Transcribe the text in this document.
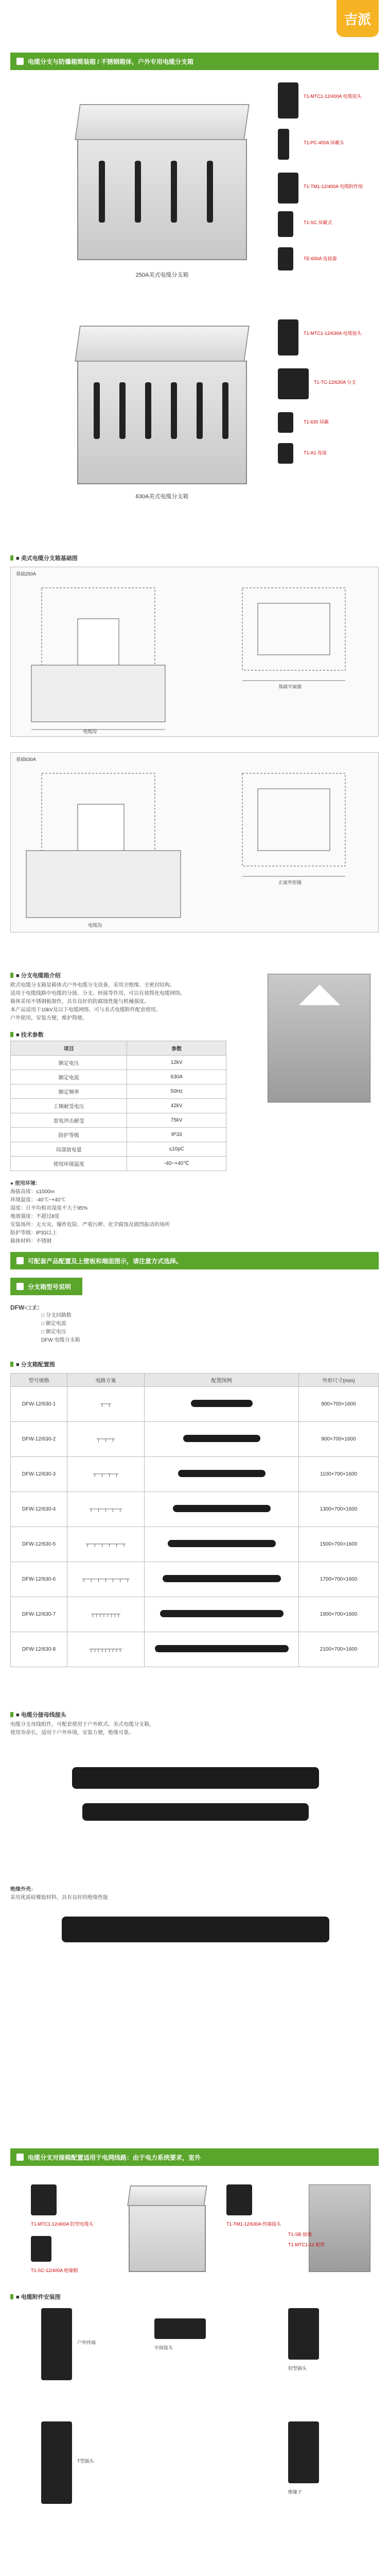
吉派
电缆分支与防爆箱简装箱 / 不锈钢箱体，户外专用电缆分支箱
250A美式电缆分支箱
T1-MTC1-12/400A 电缆接头
T1-PC-400A 屏蔽头
T1-TM1-12/400A 电缆附件组
T1-SC 屏蔽式
TE-600A 连接器
630A美式电缆分支箱
T1-MTC1-12/630A 电缆接头
T1-TC-12/630A 分支
T1-630 屏蔽
T1-A1 连接
■ 美式电缆分支箱基础图
基础250A
电缆沟
基础平面图
基础630A
电缆沟
正面外形图
■ 分支电缆箱介绍
欧式电缆分支箱是箱体式户外电缆分支设备，采用全绝缘、全密封结构。
适用于电缆线路中电缆的分接、分支、转接等作用，可以有效简化电缆网络。
箱体采用不锈钢板制作，具有良好的防腐蚀性能与机械强度。
本产品适用于10kV及以下电缆网络，可与美式电缆附件配套使用。
户外使用，安装方便，维护简便。
■ 技术参数
项目	参数
额定电压	12kV
额定电流	630A
额定频率	50Hz
工频耐受电压	42kV
雷电冲击耐受	75kV
防护等级	IP33
局部放电量	≤10pC
使用环境温度	-40~+40℃
● 使用环境：
海拔高度：≤1000m
环境温度：-40℃~+40℃
湿度：日平均相对湿度不大于95%
地震强度：不超过8度
安装场所：无火灾、爆炸危险、严重污秽、化学腐蚀及剧烈振动的场所
防护等级：IP33以上
箱体材料：不锈钢
可配套产品配置及上壁板和端面图示，请注意方式选择。
分支箱型号说明
DFW-□□/□
□ 分支回路数
□ 额定电流
□ 额定电压
DFW 电缆分支箱
■ 分支箱配置图
型号规格	电路方案	配置图例	外形尺寸(mm)
DFW-12/630-1	┬─┬		900×700×1600
DFW-12/630-2	┬─┬─┬		900×700×1600
DFW-12/630-3	┬─┬─┬─┬		1100×700×1600
DFW-12/630-4	┬─┬─┬─┬─┬		1300×700×1600
DFW-12/630-5	┬─┬─┬─┬─┬─┬		1500×700×1600
DFW-12/630-6	┬─┬─┬─┬─┬─┬─┬		1700×700×1600
DFW-12/630-7	┬┬┬┬┬┬┬┬		1900×700×1600
DFW-12/630-8	┬┬┬┬┬┬┬┬┬		2100×700×1600
■ 电缆分接母线接头
电缆分支母线组件，可配套使用于户外欧式、美式电缆分支箱，
使用寿命长，适用于户外环境，安装方便，绝缘可靠。
绝缘外壳：
采用优质硅橡胶材料，具有良好的绝缘性能
电缆分支对接箱配置适用于电网线路：由于电力系统要求，室外
T1-MTC1-12/400A 肘型电缆头
T1-SC-12/400A 绝缘帽
T1-TM1-12/630A 终端接头
T1-SB 接地
T1-MTC1-12 配件
■ 电缆附件安装图
户外终端
中间接头
肘型插头
T型插头
绝缘子
